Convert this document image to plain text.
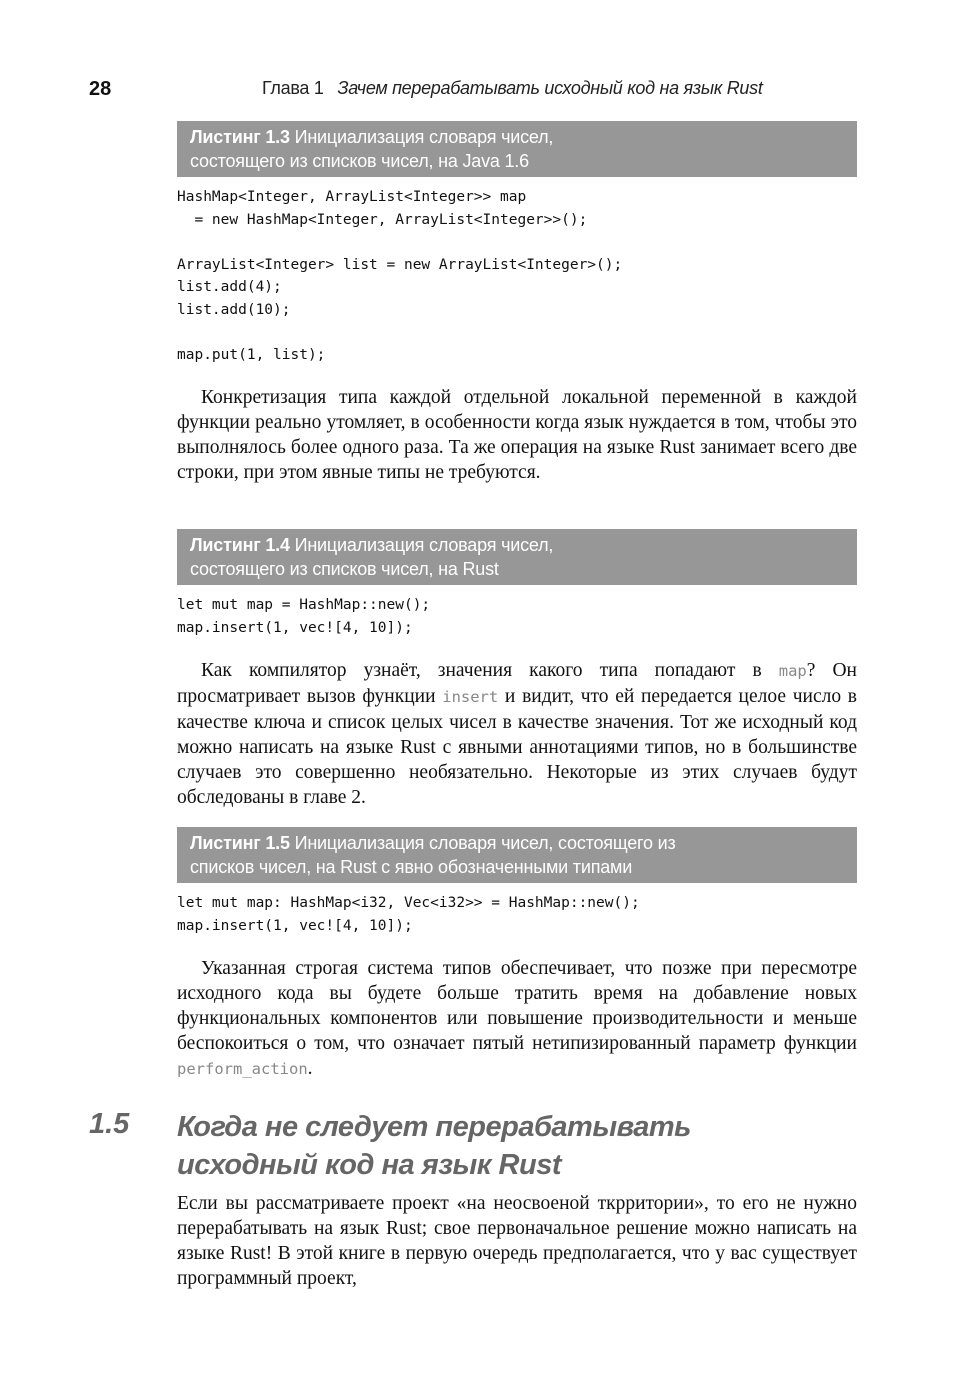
28	Глава 1 Зачем перерабатывать исходный код на язык Rust
Листинг 1.3 Инициализация словаря чисел,
состоящего из списков чисел, на Java 1.6
HashMap<Integer, ArrayList<Integer>> map
= new HashMap<Integer, ArrayList<Integer>>();

ArrayList<Integer> list = new ArrayList<Integer>();
list.add(4);
list.add(10);

map.put(1, list);
Конкретизация типа каждой отдельной локальной переменной в каждой функции реально утомляет, в особенности когда язык нуждается в том, чтобы это выполнялось более одного раза. Та же операция на языке Rust занимает всего две строки, при этом явные типы не требуются.
Листинг 1.4 Инициализация словаря чисел,
состоящего из списков чисел, на Rust
let mut map = HashMap::new();
map.insert(1, vec![4, 10]);
Как компилятор узнаёт, значения какого типа попадают в map? Он просматривает вызов функции insert и видит, что ей передается целое число в качестве ключа и список целых чисел в качестве значения. Тот же исходный код можно написать на языке Rust с явными аннотациями типов, но в большинстве случаев это совершенно необязательно. Некоторые из этих случаев будут обследованы в главе 2.
Листинг 1.5 Инициализация словаря чисел, состоящего из
списков чисел, на Rust с явно обозначенными типами
let mut map: HashMap<i32, Vec<i32>> = HashMap::new();
map.insert(1, vec![4, 10]);
Указанная строгая система типов обеспечивает, что позже при пересмотре исходного кода вы будете больше тратить время на добавление новых функциональных компонентов или повышение производительности и меньше беспокоиться о том, что означает пятый нетипизированный параметр функции perform_action.
1.5 Когда не следует перерабатывать
исходный код на язык Rust
Если вы рассматриваете проект «на неосвоеной ткрритории», то его не нужно перерабатывать на язык Rust; свое первоначальное решение можно написать на языке Rust! В этой книге в первую очередь предполагается, что у вас существует программный проект,
